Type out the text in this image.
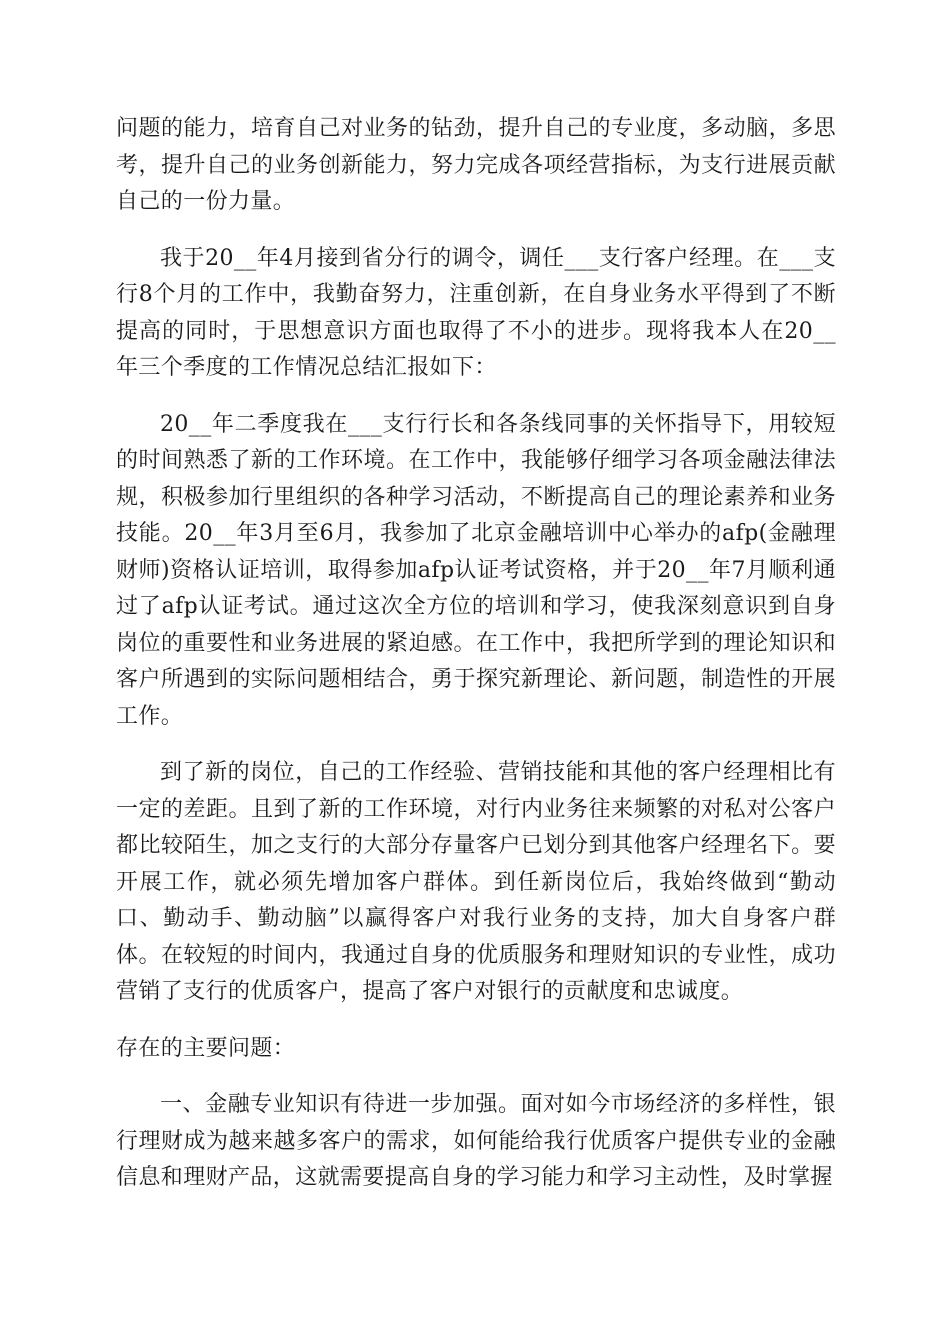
问题的能力，培育自己对业务的钻劲，提升自己的专业度，多动脑，多思考，提升自己的业务创新能力，努力完成各项经营指标，为支行进展贡献自己的一份力量。

我于20__年4月接到省分行的调令，调任___支行客户经理。在___支行8个月的工作中，我勤奋努力，注重创新，在自身业务水平得到了不断提高的同时，于思想意识方面也取得了不小的进步。现将我本人在20__年三个季度的工作情况总结汇报如下：

20__年二季度我在___支行行长和各条线同事的关怀指导下，用较短的时间熟悉了新的工作环境。在工作中，我能够仔细学习各项金融法律法规，积极参加行里组织的各种学习活动，不断提高自己的理论素养和业务技能。20__年3月至6月，我参加了北京金融培训中心举办的afp(金融理财师)资格认证培训，取得参加afp认证考试资格，并于20__年7月顺利通过了afp认证考试。通过这次全方位的培训和学习，使我深刻意识到自身岗位的重要性和业务进展的紧迫感。在工作中，我把所学到的理论知识和客户所遇到的实际问题相结合，勇于探究新理论、新问题，制造性的开展工作。

到了新的岗位，自己的工作经验、营销技能和其他的客户经理相比有一定的差距。且到了新的工作环境，对行内业务往来频繁的对私对公客户都比较陌生，加之支行的大部分存量客户已划分到其他客户经理名下。要开展工作，就必须先增加客户群体。到任新岗位后，我始终做到“勤动口、勤动手、勤动脑”以赢得客户对我行业务的支持，加大自身客户群体。在较短的时间内，我通过自身的优质服务和理财知识的专业性，成功营销了支行的优质客户，提高了客户对银行的贡献度和忠诚度。

存在的主要问题：

一、金融专业知识有待进一步加强。面对如今市场经济的多样性，银行理财成为越来越多客户的需求，如何能给我行优质客户提供专业的金融信息和理财产品，这就需要提高自身的学习能力和学习主动性，及时掌握
